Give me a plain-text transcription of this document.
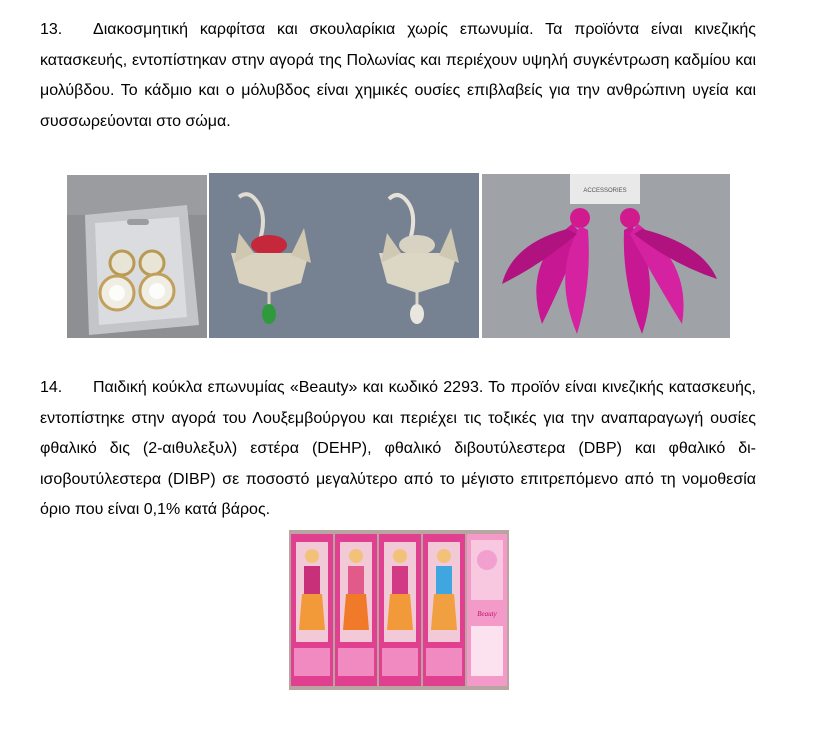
13. Διακοσμητική καρφίτσα και σκουλαρίκια χωρίς επωνυμία. Τα προϊόντα είναι κινεζικής κατασκευής, εντοπίστηκαν στην αγορά της Πολωνίας και περιέχουν υψηλή συγκέντρωση καδμίου και μολύβδου. Το κάδμιο και ο μόλυβδος είναι χημικές ουσίες επιβλαβείς για την ανθρώπινη υγεία και συσσωρεύονται στο σώμα.

ACCESSORIES

14. Παιδική κούκλα επωνυμίας «Beauty» και κωδικό 2293. Το προϊόν είναι κινεζικής κατασκευής, εντοπίστηκε στην αγορά του Λουξεμβούργου και περιέχει τις τοξικές για την αναπαραγωγή ουσίες φθαλικό δις (2-αιθυλεξυλ) εστέρα (DEHP), φθαλικό διβουτύλεστερα (DBP) και φθαλικό δι-ισοβουτύλεστερα (DIBP) σε ποσοστό μεγαλύτερο από το μέγιστο επιτρεπόμενο από τη νομοθεσία όριο που είναι 0,1% κατά βάρος.

Beauty
